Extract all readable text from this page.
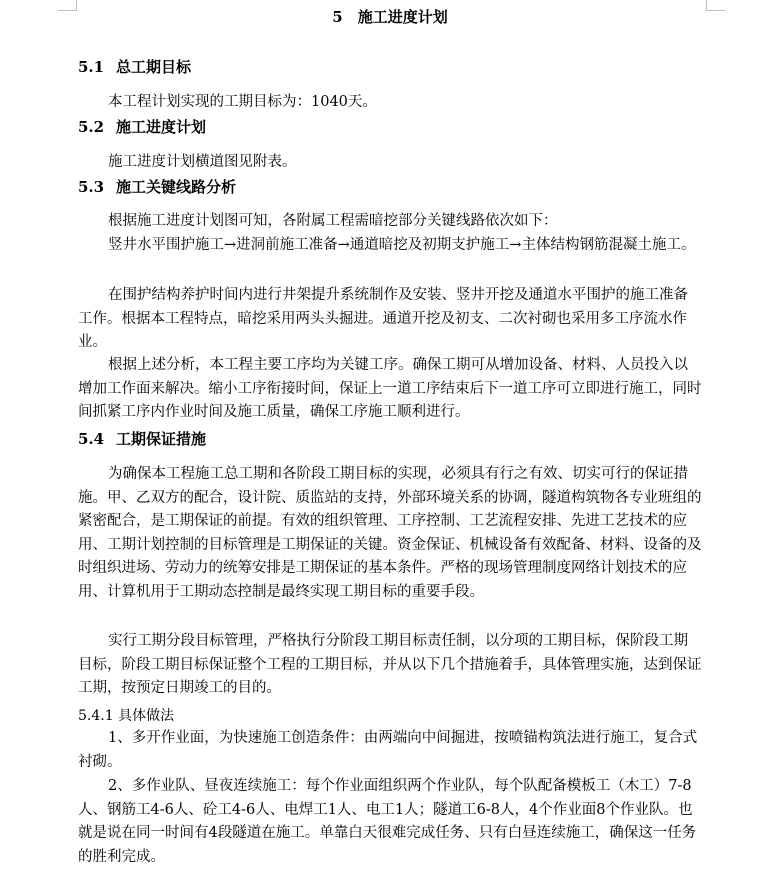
5　施工进度计划
5.1 总工期目标
本工程计划实现的工期目标为：1040天。
5.2 施工进度计划
施工进度计划横道图见附表。
5.3 施工关键线路分析
根据施工进度计划图可知，各附属工程需暗挖部分关键线路依次如下：
竖井水平围护施工→进洞前施工准备→通道暗挖及初期支护施工→主体结构钢筋混凝土施工。
在围护结构养护时间内进行井架提升系统制作及安装、竖井开挖及通道水平围护的施工准备工作。根据本工程特点，暗挖采用两头头掘进。通道开挖及初支、二次衬砌也采用多工序流水作业。
根据上述分析，本工程主要工序均为关键工序。确保工期可从增加设备、材料、人员投入以增加工作面来解决。缩小工序衔接时间，保证上一道工序结束后下一道工序可立即进行施工，同时间抓紧工序内作业时间及施工质量，确保工序施工顺利进行。
5.4 工期保证措施
为确保本工程施工总工期和各阶段工期目标的实现，必须具有行之有效、切实可行的保证措施。甲、乙双方的配合，设计院、质监站的支持，外部环境关系的协调，隧道构筑物各专业班组的紧密配合，是工期保证的前提。有效的组织管理、工序控制、工艺流程安排、先进工艺技术的应用、工期计划控制的目标管理是工期保证的关键。资金保证、机械设备有效配备、材料、设备的及时组织进场、劳动力的统筹安排是工期保证的基本条件。严格的现场管理制度网络计划技术的应用、计算机用于工期动态控制是最终实现工期目标的重要手段。
实行工期分段目标管理，严格执行分阶段工期目标责任制，以分项的工期目标，保阶段工期目标，阶段工期目标保证整个工程的工期目标，并从以下几个措施着手，具体管理实施，达到保证工期，按预定日期竣工的目的。
5.4.1 具体做法
1、多开作业面，为快速施工创造条件：由两端向中间掘进，按喷锚构筑法进行施工，复合式衬砌。
2、多作业队、昼夜连续施工：每个作业面组织两个作业队，每个队配备模板工（木工）7-8人、钢筋工4-6人、砼工4-6人、电焊工1人、电工1人；隧道工6-8人，4个作业面8个作业队。也就是说在同一时间有4段隧道在施工。单靠白天很难完成任务、只有白昼连续施工，确保这一任务的胜利完成。
